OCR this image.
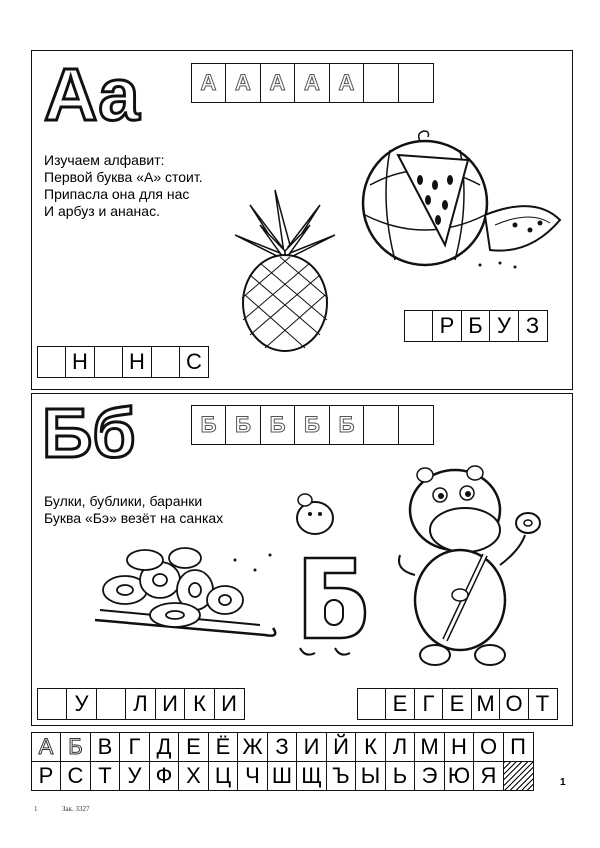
Аа	А А А А А
Изучаем алфавит:
Первой буква «А» стоит.
Припасла она для нас
И арбуз и ананас.
Р Б У З
Н	Н	С
Бб	Б Б Б Б Б
Булки, бублики, баранки
Буква «Бэ» везёт на санках
У	Л И К И	Е Г Е М О Т
А Б В Г Д Е Ё Ж З И Й К Л М Н О П
Р С Т У Ф Х Ц Ч Ш Щ Ъ Ы Ь Э Ю Я	1
1	Зак. 3327
